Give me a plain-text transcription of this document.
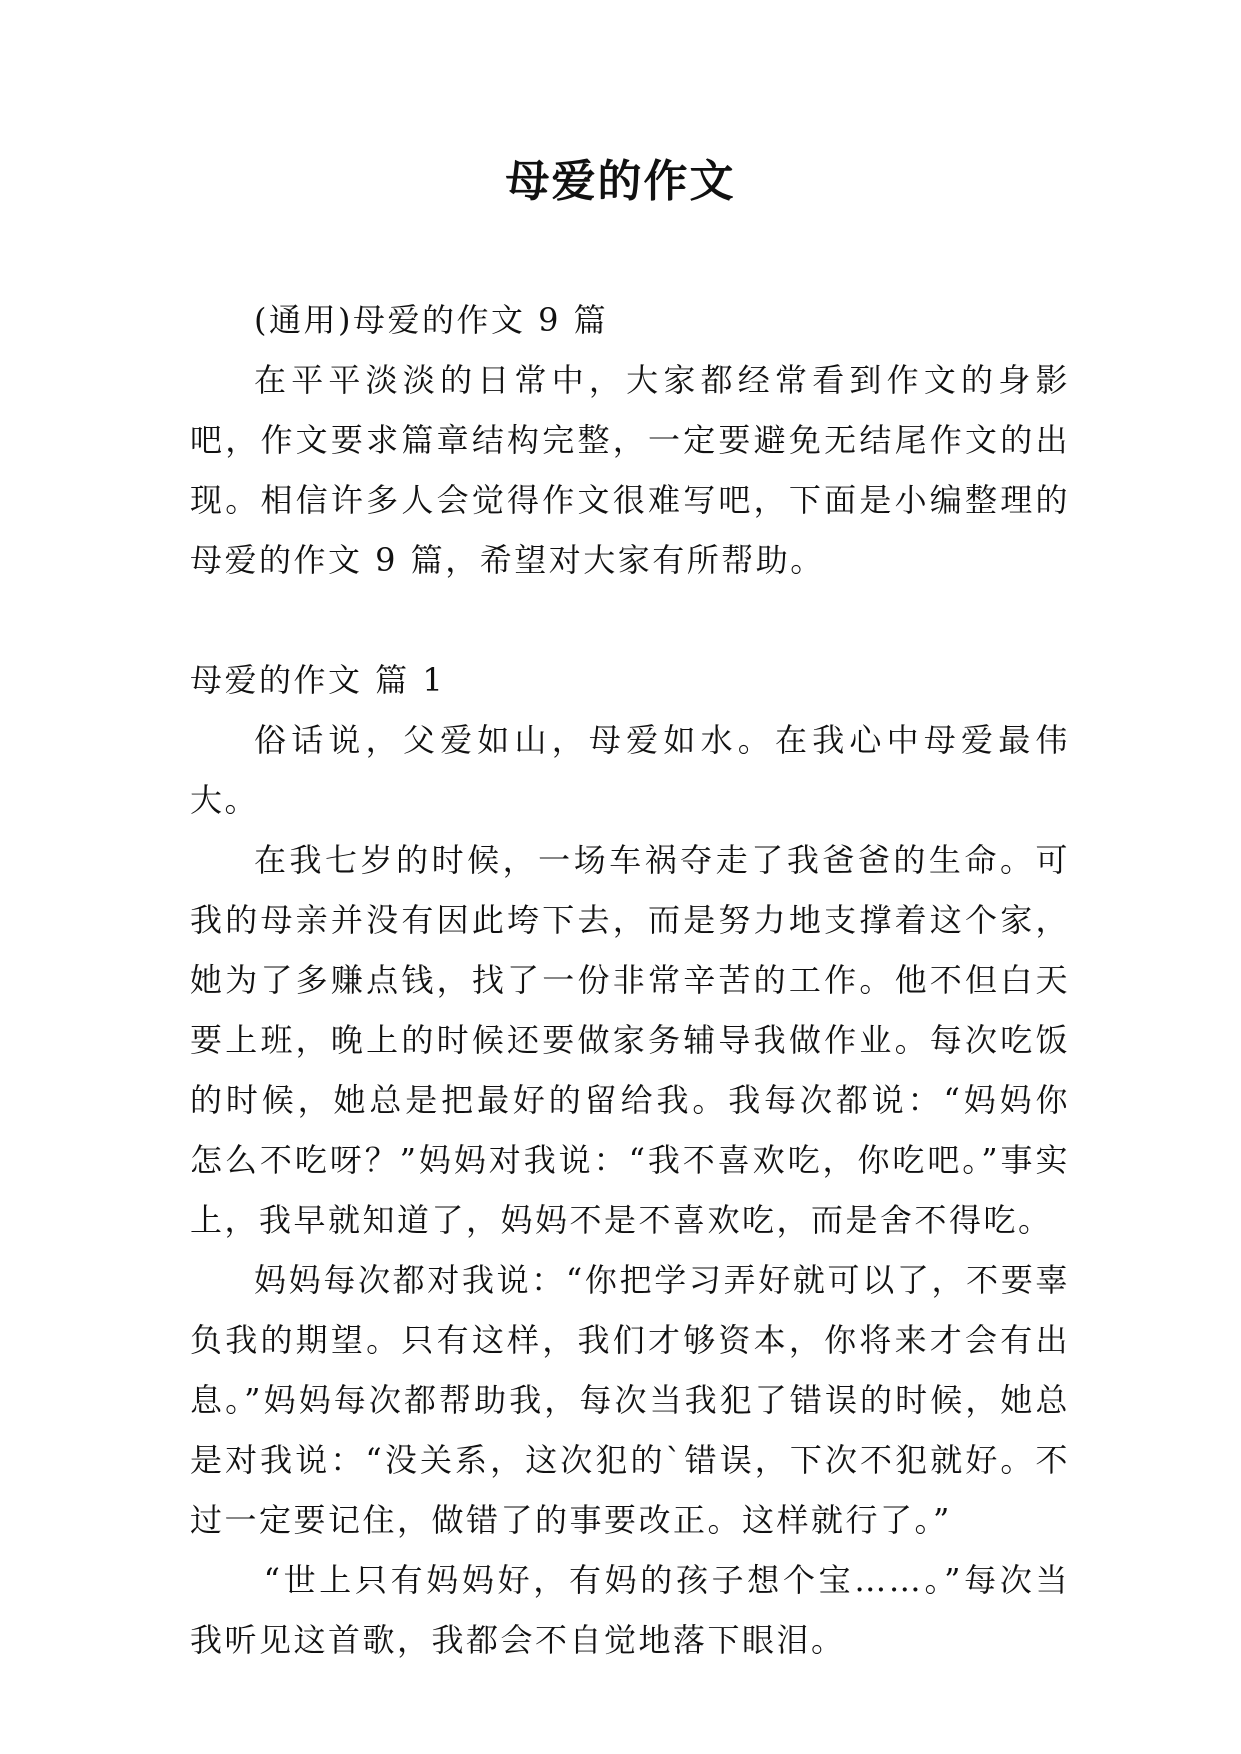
母爱的作文

(通用)母爱的作文 9 篇

在平平淡淡的日常中，大家都经常看到作文的身影吧，作文要求篇章结构完整，一定要避免无结尾作文的出现。相信许多人会觉得作文很难写吧，下面是小编整理的母爱的作文 9 篇，希望对大家有所帮助。

母爱的作文 篇 1

俗话说，父爱如山，母爱如水。在我心中母爱最伟大。

在我七岁的时候，一场车祸夺走了我爸爸的生命。可我的母亲并没有因此垮下去，而是努力地支撑着这个家，她为了多赚点钱，找了一份非常辛苦的工作。他不但白天要上班，晚上的时候还要做家务辅导我做作业。每次吃饭的时候，她总是把最好的留给我。我每次都说：“妈妈你怎么不吃呀？”妈妈对我说：“我不喜欢吃，你吃吧。”事实上，我早就知道了，妈妈不是不喜欢吃，而是舍不得吃。

妈妈每次都对我说：“你把学习弄好就可以了，不要辜负我的期望。只有这样，我们才够资本，你将来才会有出息。”妈妈每次都帮助我，每次当我犯了错误的时候，她总是对我说：“没关系，这次犯的`错误，下次不犯就好。不过一定要记住，做错了的事要改正。这样就行了。”

“世上只有妈妈好，有妈的孩子想个宝……。”每次当我听见这首歌，我都会不自觉地落下眼泪。
